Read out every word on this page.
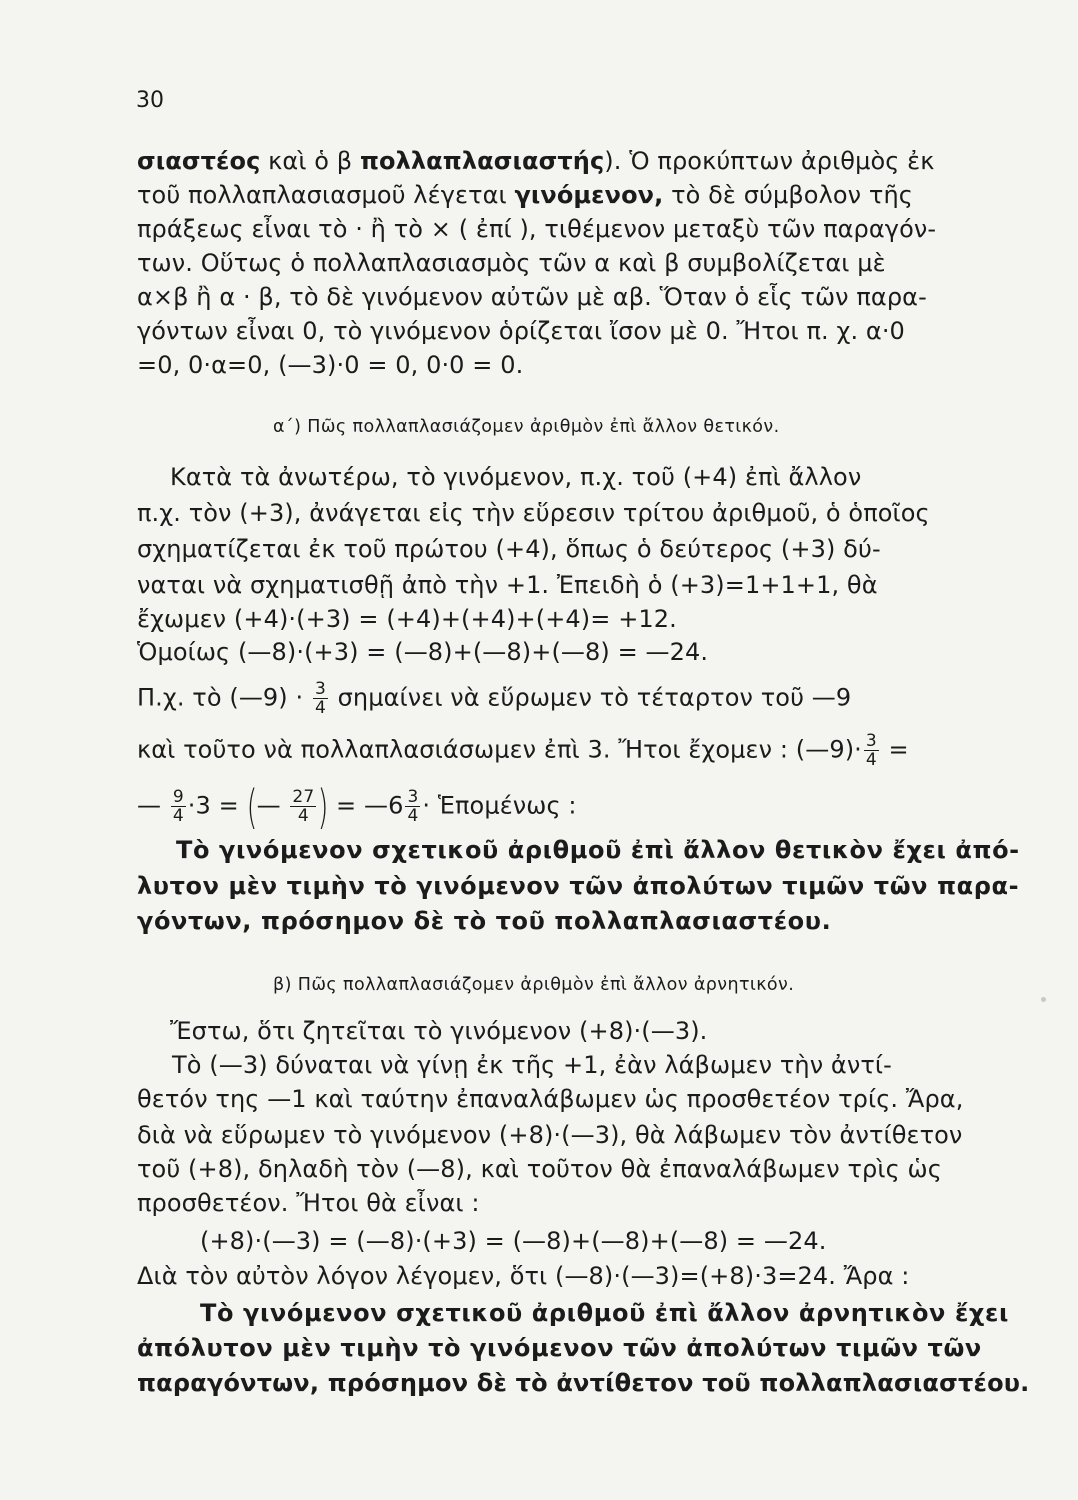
30
σιαστέος καὶ ὁ β πολλαπλασιαστής). Ὁ προκύπτων ἀριθμὸς ἐκ
τοῦ πολλαπλασιασμοῦ λέγεται γινόμενον, τὸ δὲ σύμβολον τῆς
πράξεως εἶναι τὸ · ἢ τὸ × ( ἐπί ), τιθέμενον μεταξὺ τῶν παραγόν-
των. Οὕτως ὁ πολλαπλασιασμὸς τῶν α καὶ β συμβολίζεται μὲ
α×β ἢ α · β, τὸ δὲ γινόμενον αὐτῶν μὲ αβ. Ὅταν ὁ εἷς τῶν παρα-
γόντων εἶναι 0, τὸ γινόμενον ὁρίζεται ἴσον μὲ 0. Ἤτοι π. χ. α·0
=0, 0·α=0, (—3)·0 = 0, 0·0 = 0.
α΄) Πῶς πολλαπλασιάζομεν ἀριθμὸν ἐπὶ ἄλλον θετικόν.
Κατὰ τὰ ἀνωτέρω, τὸ γινόμενον, π.χ. τοῦ (+4) ἐπὶ ἄλλον
π.χ. τὸν (+3), ἀνάγεται εἰς τὴν εὕρεσιν τρίτου ἀριθμοῦ, ὁ ὁποῖος
σχηματίζεται ἐκ τοῦ πρώτου (+4), ὅπως ὁ δεύτερος (+3) δύ-
ναται νὰ σχηματισθῇ ἀπὸ τὴν +1. Ἐπειδὴ ὁ (+3)=1+1+1, θὰ
ἔχωμεν (+4)·(+3) = (+4)+(+4)+(+4)= +12.
Ὁμοίως (—8)·(+3) = (—8)+(—8)+(—8) = —24.
Π.χ. τὸ (—9) · $\frac{3}{4}$ σημαίνει νὰ εὕρωμεν τὸ τέταρτον τοῦ —9
καὶ τοῦτο νὰ πολλαπλασιάσωμεν ἐπὶ 3. Ἤτοι ἔχομεν : (—9)· $\frac{3}{4}$ =
— $\frac{9}{4} \cdot 3$ = (— $\frac{27}{4}$ ) = —6 $\frac{3}{4}$ · Ἑπομένως :
Τὸ γινόμενον σχετικοῦ ἀριθμοῦ ἐπὶ ἄλλον θετικὸν ἔχει ἀπό-
λυτον μὲν τιμὴν τὸ γινόμενον τῶν ἀπολύτων τιμῶν τῶν παρα-
γόντων, πρόσημον δὲ τὸ τοῦ πολλαπλασιαστέου.
β) Πῶς πολλαπλασιάζομεν ἀριθμὸν ἐπὶ ἄλλον ἀρνητικόν.
Ἔστω, ὅτι ζητεῖται τὸ γινόμενον (+8)·(—3).
Τὸ (—3) δύναται νὰ γίνῃ ἐκ τῆς +1, ἐὰν λάβωμεν τὴν ἀντί-
θετόν της —1 καὶ ταύτην ἐπαναλάβωμεν ὡς προσθετέον τρίς. Ἄρα,
διὰ νὰ εὕρωμεν τὸ γινόμενον (+8)·(—3), θὰ λάβωμεν τὸν ἀντίθετον
τοῦ (+8), δηλαδὴ τὸν (—8), καὶ τοῦτον θὰ ἐπαναλάβωμεν τρὶς ὡς
προσθετέον. Ἤτοι θὰ εἶναι :
(+8)·(—3) = (—8)·(+3) = (—8)+(—8)+(—8) = —24.
Διὰ τὸν αὐτὸν λόγον λέγομεν, ὅτι (—8)·(—3)=(+8)·3=24. Ἄρα :
Τὸ γινόμενον σχετικοῦ ἀριθμοῦ ἐπὶ ἄλλον ἀρνητικὸν ἔχει
ἀπόλυτον μὲν τιμὴν τὸ γινόμενον τῶν ἀπολύτων τιμῶν τῶν
παραγόντων, πρόσημον δὲ τὸ ἀντίθετον τοῦ πολλαπλασιαστέου.
